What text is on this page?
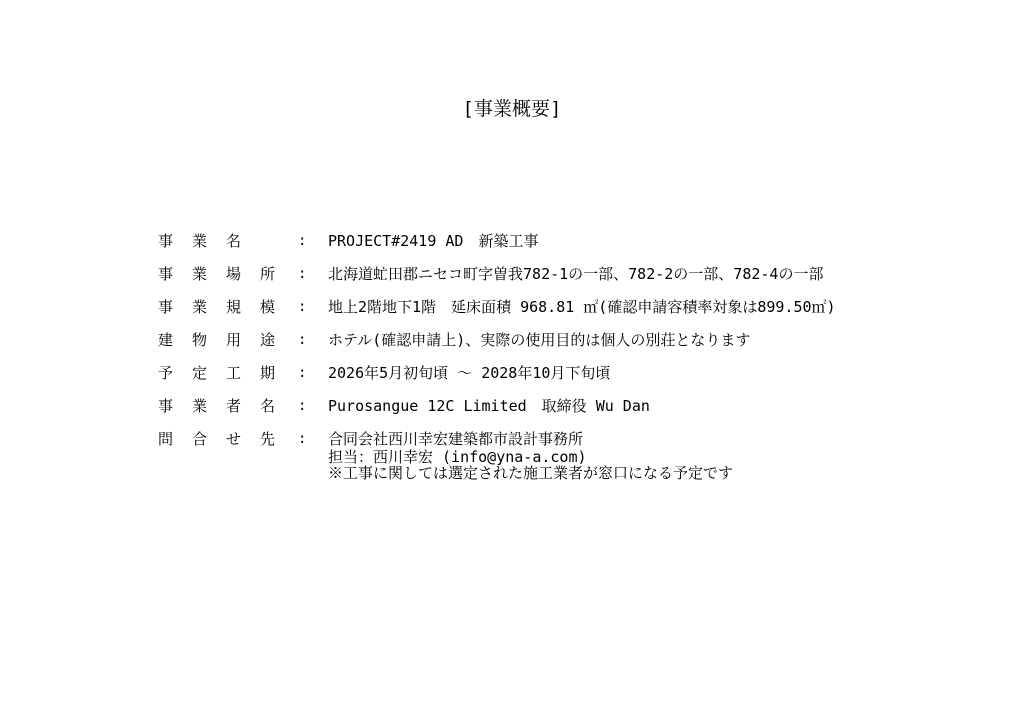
[事業概要]
事	業	名	:	PROJECT#2419 AD　新築工事
事	業	場	所	:	北海道虻田郡ニセコ町字曽我782-1の一部、782-2の一部、782-4の一部
事	業	規	模	:	地上2階地下1階　延床面積 968.81 ㎡(確認申請容積率対象は899.50㎡)
建	物	用	途	:	ホテル(確認申請上)、実際の使用目的は個人の別荘となります
予	定	工	期	:	2026年5月初旬頃 ～ 2028年10月下旬頃
事	業	者	名	:	Purosangue 12C Limited　取締役 Wu Dan
問	合	せ	先	:	合同会社西川幸宏建築都市設計事務所
担当：西川幸宏 (info@yna-a.com)
※工事に関しては選定された施工業者が窓口になる予定です
